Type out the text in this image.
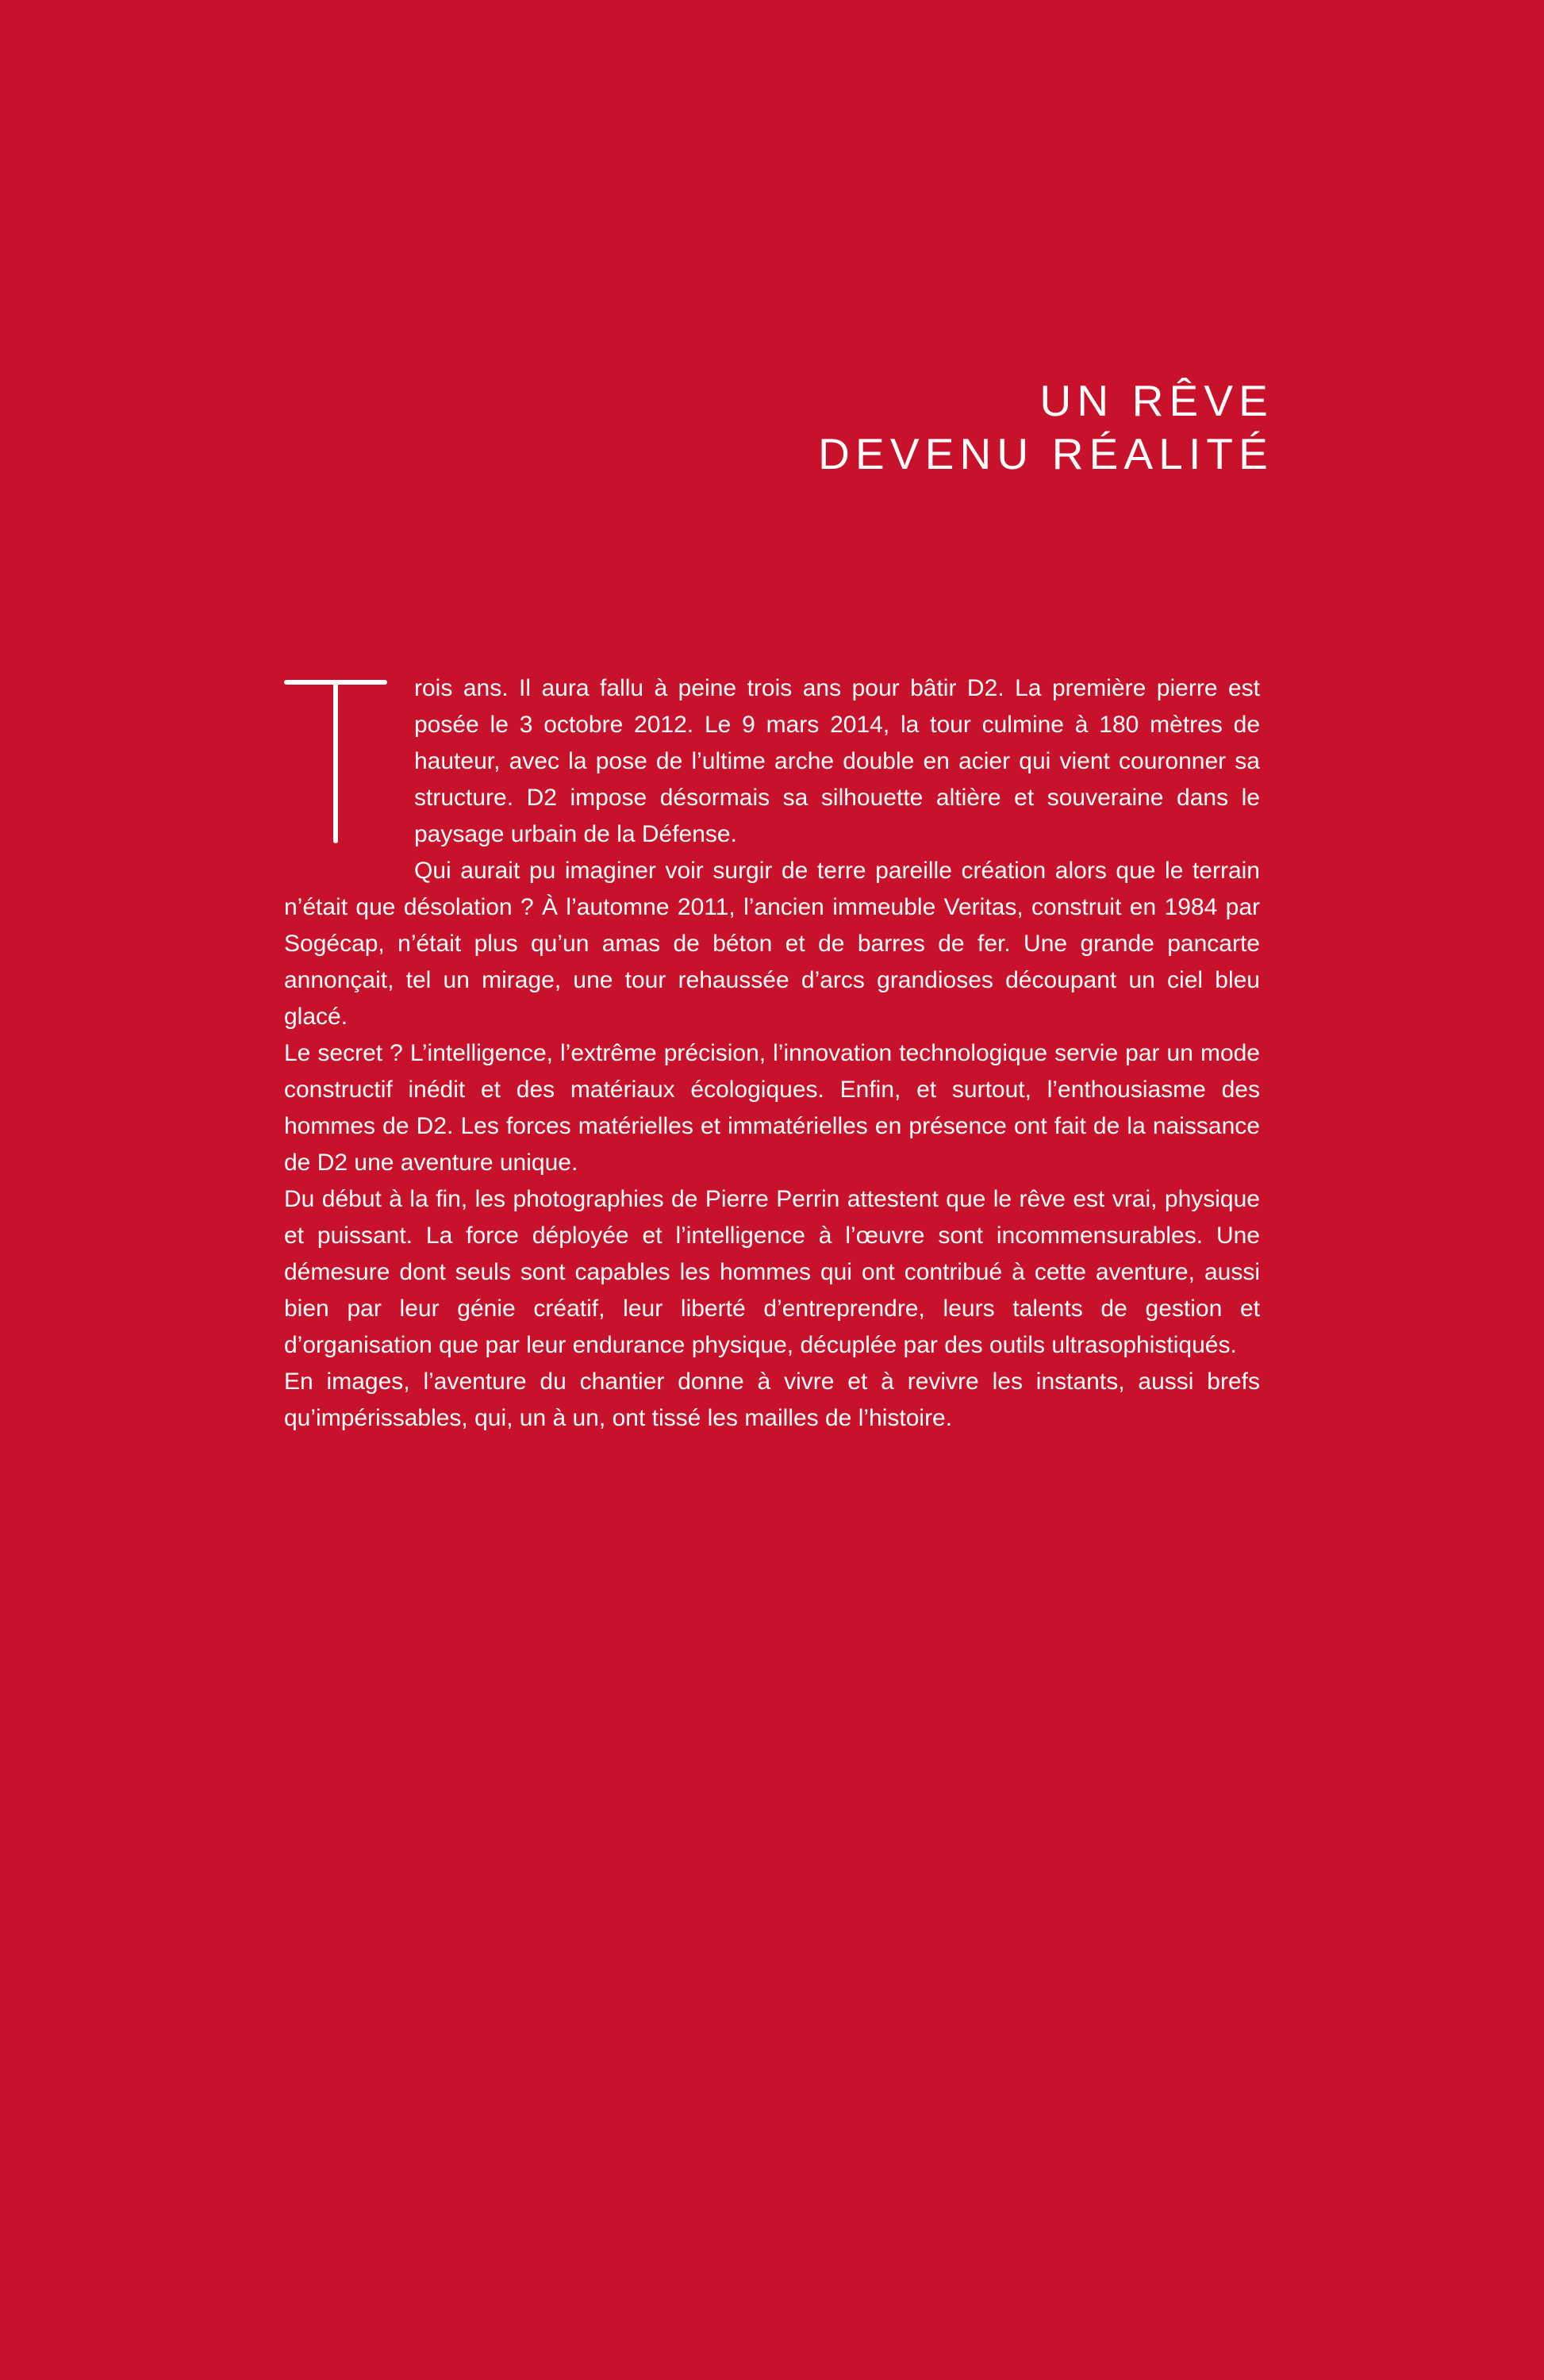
UN RÊVE
DEVENU RÉALITÉ

rois ans. Il aura fallu à peine trois ans pour bâtir D2. La première pierre est posée le 3 octobre 2012. Le 9 mars 2014, la tour culmine à 180 mètres de hauteur, avec la pose de l’ultime arche double en acier qui vient couronner sa structure. D2 impose désormais sa silhouette altière et souveraine dans le paysage urbain de la Défense.

Qui aurait pu imaginer voir surgir de terre pareille création alors que le terrain n’était que désolation ? À l’automne 2011, l’ancien immeuble Veritas, construit en 1984 par Sogécap, n’était plus qu’un amas de béton et de barres de fer. Une grande pancarte annonçait, tel un mirage, une tour rehaussée d’arcs grandioses découpant un ciel bleu glacé.

Le secret ? L’intelligence, l’extrême précision, l’innovation technologique servie par un mode constructif inédit et des matériaux écologiques. Enfin, et surtout, l’enthousiasme des hommes de D2. Les forces matérielles et immatérielles en présence ont fait de la naissance de D2 une aventure unique.

Du début à la fin, les photographies de Pierre Perrin attestent que le rêve est vrai, physique et puissant. La force déployée et l’intelligence à l’œuvre sont incommensurables. Une démesure dont seuls sont capables les hommes qui ont contribué à cette aventure, aussi bien par leur génie créatif, leur liberté d’entreprendre, leurs talents de gestion et d’organisation que par leur endurance physique, décuplée par des outils ultrasophistiqués.

En images, l’aventure du chantier donne à vivre et à revivre les instants, aussi brefs qu’impérissables, qui, un à un, ont tissé les mailles de l’histoire.
